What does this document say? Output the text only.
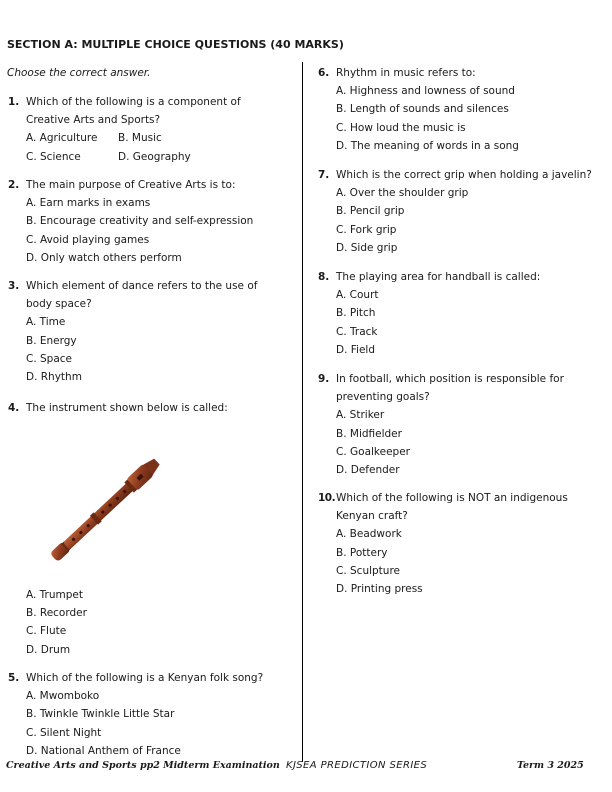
SECTION A: MULTIPLE CHOICE QUESTIONS (40 MARKS)
Choose the correct answer.
1. Which of the following is a component of
Creative Arts and Sports?
A. Agriculture	B. Music
C. Science	D. Geography
2. The main purpose of Creative Arts is to:
A. Earn marks in exams
B. Encourage creativity and self-expression
C. Avoid playing games
D. Only watch others perform
3. Which element of dance refers to the use of
body space?
A. Time
B. Energy
C. Space
D. Rhythm
4. The instrument shown below is called:
A. Trumpet
B. Recorder
C. Flute
D. Drum
5. Which of the following is a Kenyan folk song?
A. Mwomboko
B. Twinkle Twinkle Little Star
C. Silent Night
D. National Anthem of France
6. Rhythm in music refers to:
A. Highness and lowness of sound
B. Length of sounds and silences
C. How loud the music is
D. The meaning of words in a song
7. Which is the correct grip when holding a javelin?
A. Over the shoulder grip
B. Pencil grip
C. Fork grip
D. Side grip
8. The playing area for handball is called:
A. Court
B. Pitch
C. Track
D. Field
9. In football, which position is responsible for
preventing goals?
A. Striker
B. Midfielder
C. Goalkeeper
D. Defender
10. Which of the following is NOT an indigenous
Kenyan craft?
A. Beadwork
B. Pottery
C. Sculpture
D. Printing press
Creative Arts and Sports pp2 Midterm Examination KJSEA PREDICTION SERIES	Term 3 2025
